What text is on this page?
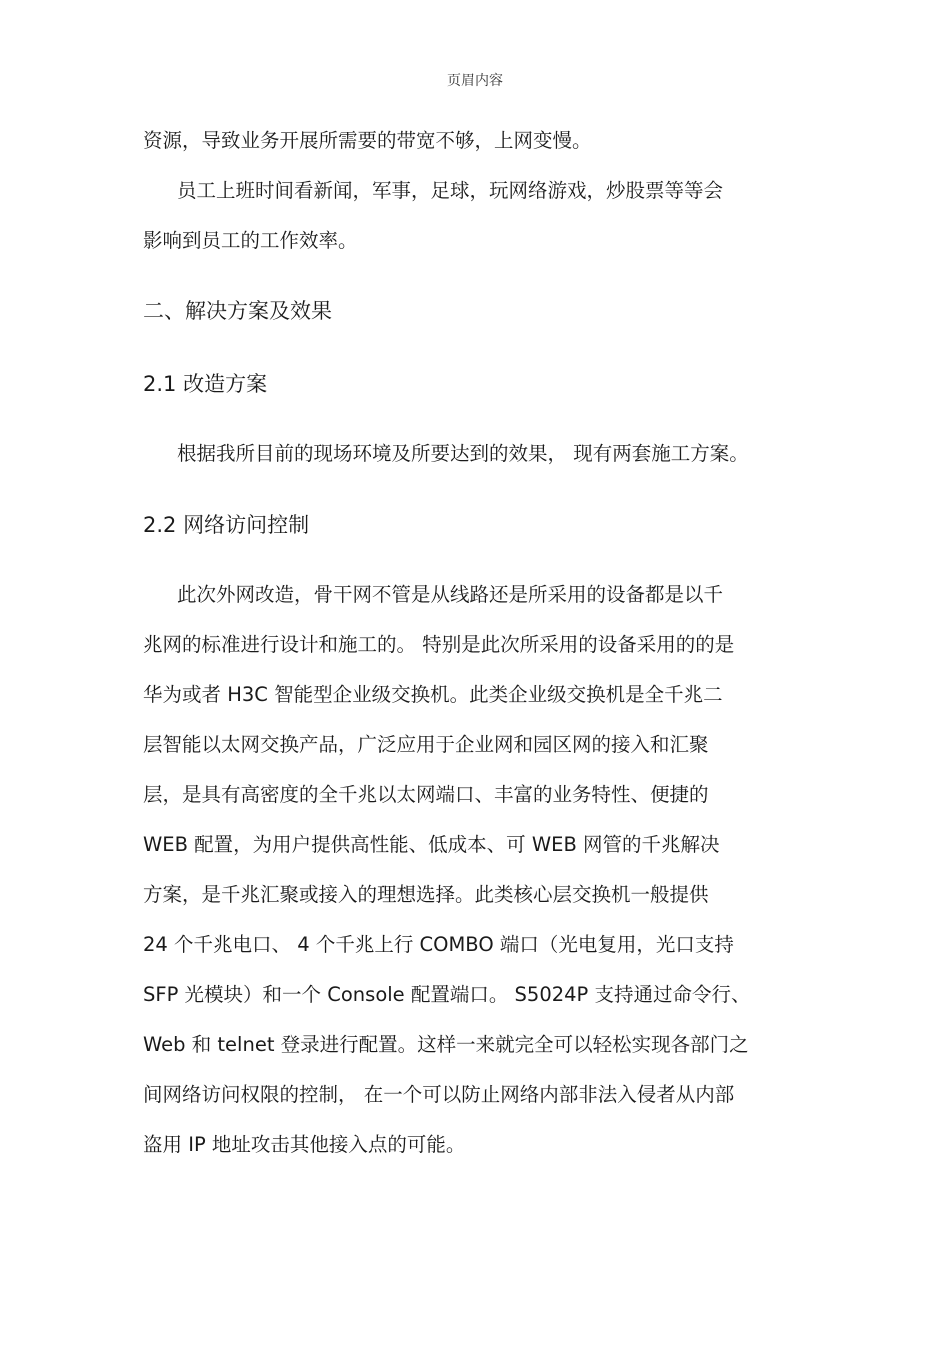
页眉内容
资源，导致业务开展所需要的带宽不够，上网变慢。
员工上班时间看新闻，军事，足球，玩网络游戏，炒股票等等会
影响到员工的工作效率。
二、解决方案及效果
2.1 改造方案
根据我所目前的现场环境及所要达到的效果， 现有两套施工方案。
2.2 网络访问控制
此次外网改造，骨干网不管是从线路还是所采用的设备都是以千
兆网的标准进行设计和施工的。 特别是此次所采用的设备采用的的是
华为或者 H3C 智能型企业级交换机。此类企业级交换机是全千兆二
层智能以太网交换产品，广泛应用于企业网和园区网的接入和汇聚
层，是具有高密度的全千兆以太网端口、丰富的业务特性、便捷的
WEB 配置，为用户提供高性能、低成本、可 WEB 网管的千兆解决
方案，是千兆汇聚或接入的理想选择。此类核心层交换机一般提供
24 个千兆电口、 4 个千兆上行 COMBO 端口（光电复用，光口支持
SFP 光模块）和一个 Console 配置端口。 S5024P 支持通过命令行、
Web 和 telnet 登录进行配置。这样一来就完全可以轻松实现各部门之
间网络访问权限的控制， 在一个可以防止网络内部非法入侵者从内部
盗用 IP 地址攻击其他接入点的可能。
